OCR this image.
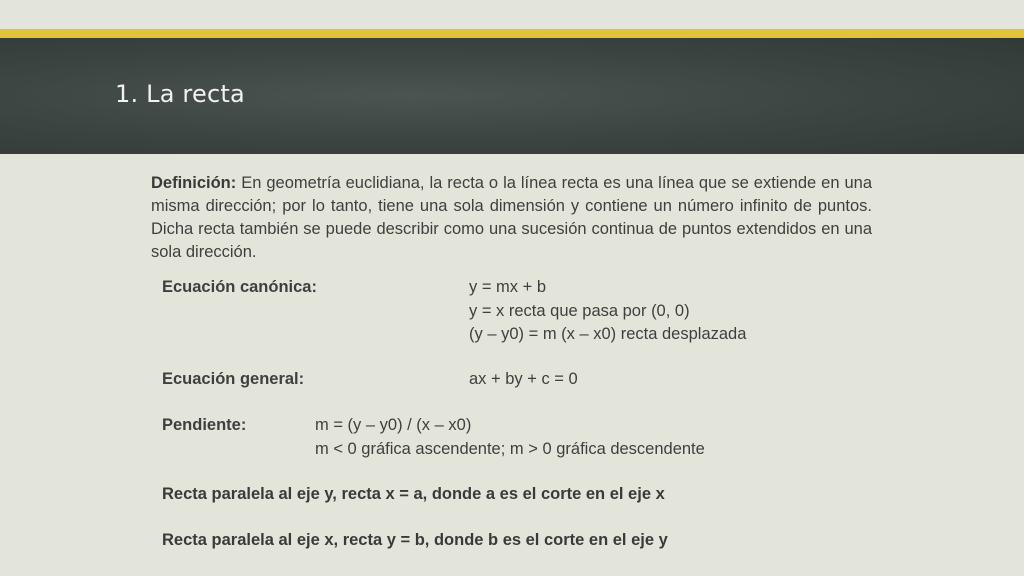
1. La recta

Definición: En geometría euclidiana, la recta o la línea recta es una línea que se extiende en una misma dirección; por lo tanto, tiene una sola dimensión y contiene un número infinito de puntos. Dicha recta también se puede describir como una sucesión continua de puntos extendidos en una sola dirección.

Ecuación canónica:	y = mx + b
y = x recta que pasa por (0, 0)
(y – y0) = m (x – x0) recta desplazada
Ecuación general:	ax + by + c = 0
Pendiente:	m = (y – y0) / (x – x0)
m < 0 gráfica ascendente; m > 0 gráfica descendente
Recta paralela al eje y, recta x = a, donde a es el corte en el eje x
Recta paralela al eje x, recta y = b, donde b es el corte en el eje y
